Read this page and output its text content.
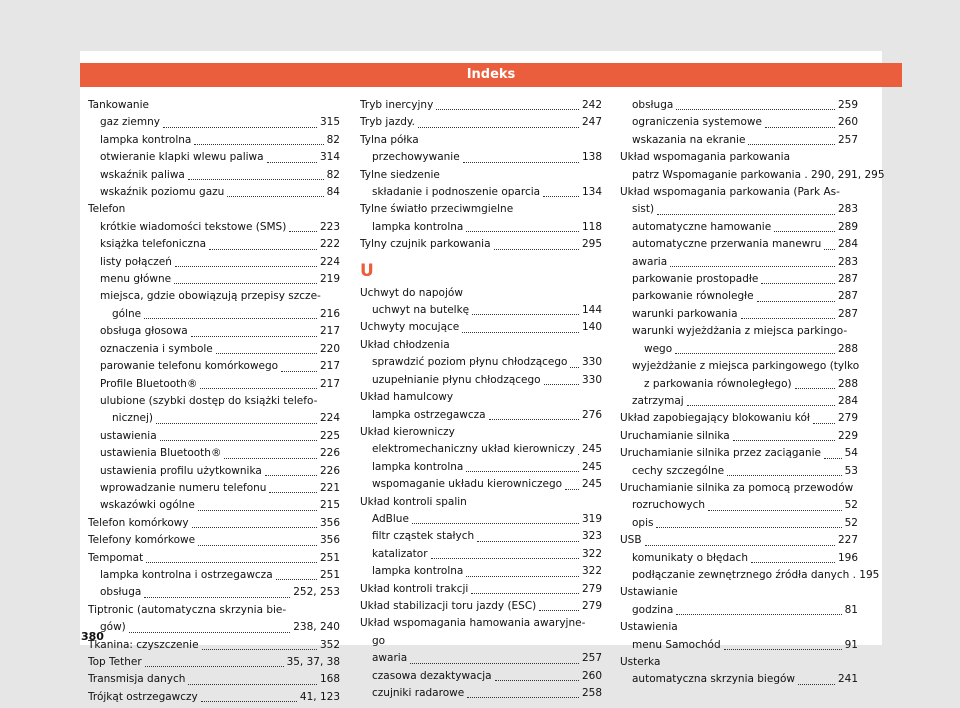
Indeks
Tankowanie
gaz ziemny	315
lampka kontrolna	82
otwieranie klapki wlewu paliwa	314
wskaźnik paliwa	82
wskaźnik poziomu gazu	84
Telefon
krótkie wiadomości tekstowe (SMS)	223
książka telefoniczna	222
listy połączeń	224
menu główne	219
miejsca, gdzie obowiązują przepisy szcze-
gólne	216
obsługa głosowa	217
oznaczenia i symbole	220
parowanie telefonu komórkowego	217
Profile Bluetooth®	217
ulubione (szybki dostęp do książki telefo-
nicznej)	224
ustawienia	225
ustawienia Bluetooth®	226
ustawienia profilu użytkownika	226
wprowadzanie numeru telefonu	221
wskazówki ogólne	215
Telefon komórkowy	356
Telefony komórkowe	356
Tempomat	251
lampka kontrolna i ostrzegawcza	251
obsługa	252, 253
Tiptronic (automatyczna skrzynia bie-
gów)	238, 240
Tkanina: czyszczenie	352
Top Tether	35, 37, 38
Transmisja danych	168
Trójkąt ostrzegawczy	41, 123
Tryb inercyjny	242
Tryb jazdy.	247
Tylna półka
przechowywanie	138
Tylne siedzenie
składanie i podnoszenie oparcia	134
Tylne światło przeciwmgielne
lampka kontrolna	118
Tylny czujnik parkowania	295
U
Uchwyt do napojów
uchwyt na butelkę	144
Uchwyty mocujące	140
Układ chłodzenia
sprawdzić poziom płynu chłodzącego 330
uzupełnianie płynu chłodzącego	330
Układ hamulcowy
lampka ostrzegawcza	276
Układ kierowniczy
elektromechaniczny układ kierowniczy 245
lampka kontrolna	245
wspomaganie układu kierowniczego 245
Układ kontroli spalin
AdBlue	319
filtr cząstek stałych	323
katalizator	322
lampka kontrolna	322
Układ kontroli trakcji	279
Układ stabilizacji toru jazdy (ESC)	279
Układ wspomagania hamowania awaryjne-
go
awaria	257
czasowa dezaktywacja	260
czujniki radarowe	258
obsługa	259
ograniczenia systemowe	260
wskazania na ekranie	257
Układ wspomagania parkowania
patrz Wspomaganie parkowania . 290, 291, 295
Układ wspomagania parkowania (Park As-
sist)	283
automatyczne hamowanie	289
automatyczne przerwania manewru 284
awaria	283
parkowanie prostopadłe	287
parkowanie równoległe	287
warunki parkowania	287
warunki wyjeżdżania z miejsca parkingo-
wego	288
wyjeżdżanie z miejsca parkingowego (tylko
z parkowania równoległego)	288
zatrzymaj	284
Układ zapobiegający blokowaniu kół	279
Uruchamianie silnika	229
Uruchamianie silnika przez zaciąganie 54
cechy szczególne	53
Uruchamianie silnika za pomocą przewodów
rozruchowych	52
opis	52
USB	227
komunikaty o błędach	196
podłączanie zewnętrznego źródła danych . 195
Ustawianie
godzina	81
Ustawienia
menu Samochód	91
Usterka
automatyczna skrzynia biegów	241
380
